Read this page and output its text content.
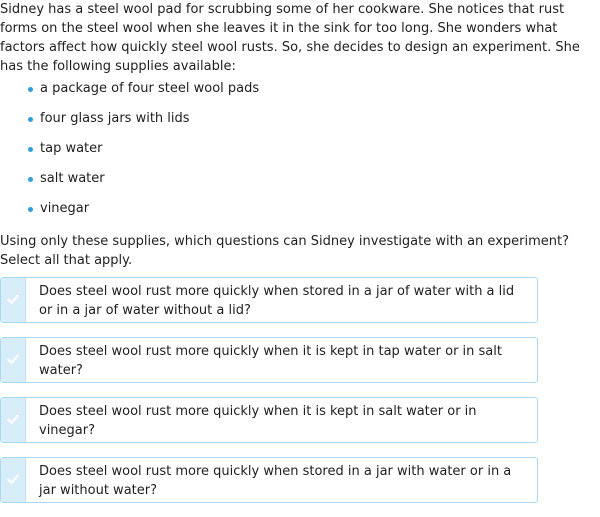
Sidney has a steel wool pad for scrubbing some of her cookware. She notices that rust forms on the steel wool when she leaves it in the sink for too long. She wonders what factors affect how quickly steel wool rusts. So, she decides to design an experiment. She has the following supplies available:

a package of four steel wool pads
four glass jars with lids
tap water
salt water
vinegar

Using only these supplies, which questions can Sidney investigate with an experiment? Select all that apply.

Does steel wool rust more quickly when stored in a jar of water with a lid or in a jar of water without a lid?
Does steel wool rust more quickly when it is kept in tap water or in salt water?
Does steel wool rust more quickly when it is kept in salt water or in vinegar?
Does steel wool rust more quickly when stored in a jar with water or in a jar without water?
